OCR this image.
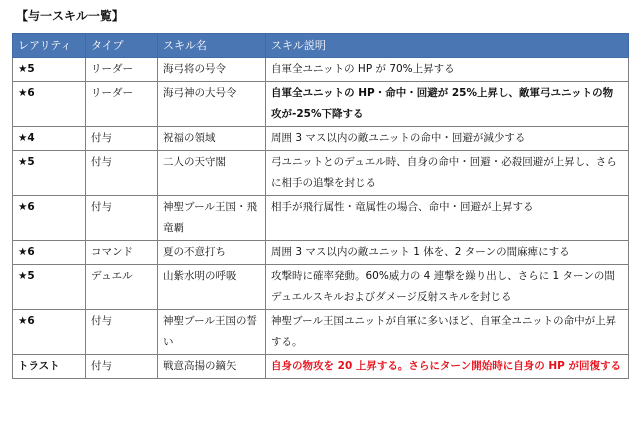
【与一スキル一覧】
レアリティ	タイプ	スキル名	スキル説明
★5	リーダー	海弓将の号令	自軍全ユニットの HP が 70%上昇する
★6	リーダー	海弓神の大号令	自軍全ユニットの HP・命中・回避が 25%上昇し、敵軍弓ユニットの物攻が-25%下降する
★4	付与	祝福の領域	周囲 3 マス以内の敵ユニットの命中・回避が減少する
★5	付与	二人の天守閣	弓ユニットとのデュエル時、自身の命中・回避・必殺回避が上昇し、さらに相手の追撃を封じる
★6	付与	神聖ブール王国・飛竜覇	相手が飛行属性・竜属性の場合、命中・回避が上昇する
★6	コマンド	夏の不意打ち	周囲 3 マス以内の敵ユニット 1 体を、2 ターンの間麻痺にする
★5	デュエル	山紫水明の呼吸	攻撃時に確率発動。60%威力の 4 連撃を繰り出し、さらに 1 ターンの間デュエルスキルおよびダメージ反射スキルを封じる
★6	付与	神聖ブール王国の誓い	神聖ブール王国ユニットが自軍に多いほど、自軍全ユニットの命中が上昇する。
トラスト	付与	戦意高揚の鏑矢	自身の物攻を 20 上昇する。さらにターン開始時に自身の HP が回復する
